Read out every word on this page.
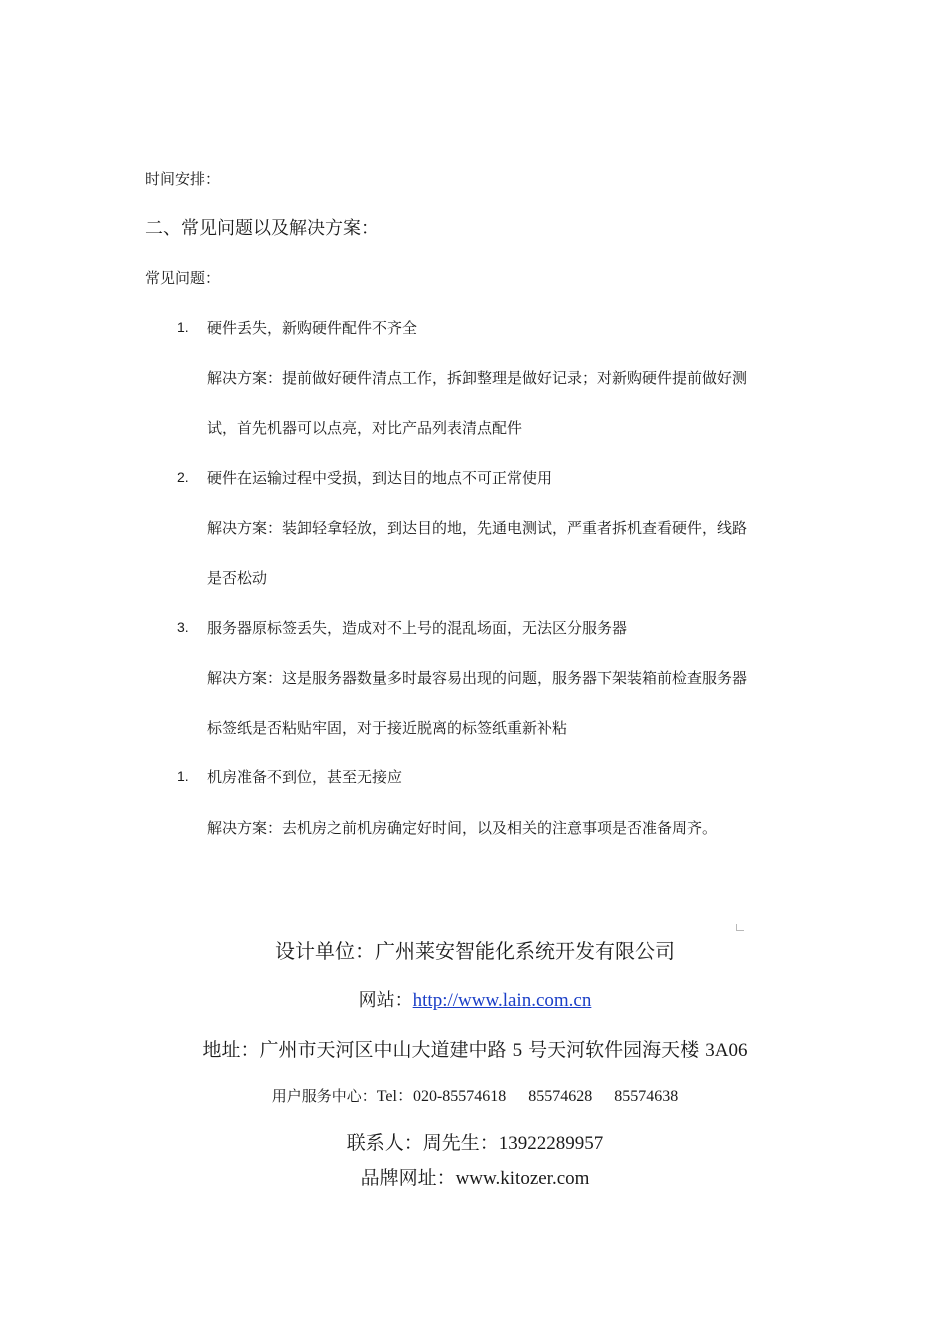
时间安排：
二、常见问题以及解决方案：
常见问题：
1. 硬件丢失，新购硬件配件不齐全
解决方案：提前做好硬件清点工作，拆卸整理是做好记录；对新购硬件提前做好测
试，首先机器可以点亮，对比产品列表清点配件
2. 硬件在运输过程中受损，到达目的地点不可正常使用
解决方案：装卸轻拿轻放，到达目的地，先通电测试，严重者拆机查看硬件，线路
是否松动
3. 服务器原标签丢失，造成对不上号的混乱场面，无法区分服务器
解决方案：这是服务器数量多时最容易出现的问题，服务器下架装箱前检查服务器
标签纸是否粘贴牢固，对于接近脱离的标签纸重新补粘
1. 机房准备不到位，甚至无接应
解决方案：去机房之前机房确定好时间，以及相关的注意事项是否准备周齐。
设计单位：广州莱安智能化系统开发有限公司
网站：http://www.lain.com.cn
地址：广州市天河区中山大道建中路 5 号天河软件园海天楼 3A06
用户服务中心：Tel：020-85574618 85574628 85574638
联系人：周先生：13922289957
品牌网址：www.kitozer.com
